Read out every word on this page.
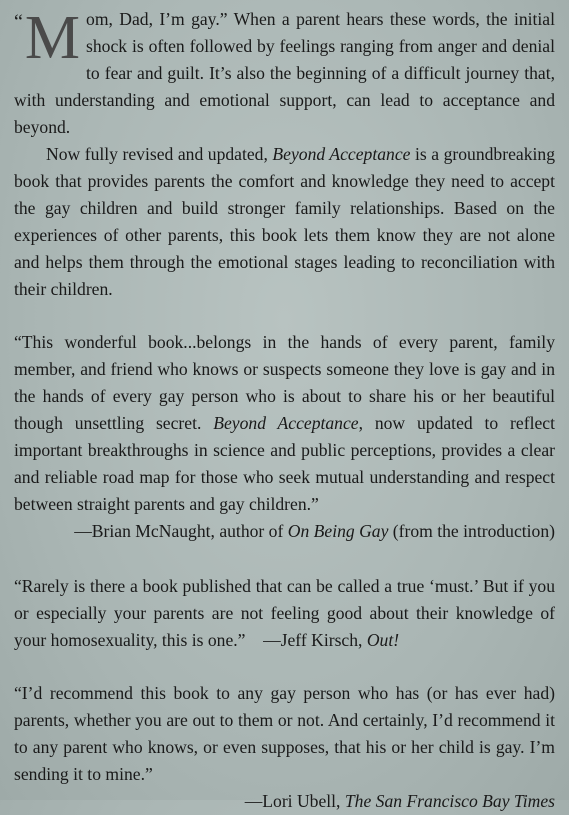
“M om, Dad, I’m gay.” When a parent hears these words, the initial shock is often followed by feelings ranging from anger and denial to fear and guilt. It’s also the beginning of a difficult journey that, with understanding and emotional support, can lead to acceptance and beyond.

Now fully revised and updated, Beyond Acceptance is a groundbreaking book that provides parents the comfort and knowledge they need to accept the gay children and build stronger family relationships. Based on the experiences of other parents, this book lets them know they are not alone and helps them through the emotional stages leading to reconciliation with their children.

“This wonderful book...belongs in the hands of every parent, family member, and friend who knows or suspects someone they love is gay and in the hands of every gay person who is about to share his or her beautiful though unsettling secret. Beyond Acceptance, now updated to reflect important breakthroughs in science and public perceptions, provides a clear and reliable road map for those who seek mutual understanding and respect between straight parents and gay children.”

—Brian McNaught, author of On Being Gay (from the introduction)

“Rarely is there a book published that can be called a true ‘must.’ But if you or especially your parents are not feeling good about their knowledge of your homosexuality, this is one.” —Jeff Kirsch, Out!

“I’d recommend this book to any gay person who has (or has ever had) parents, whether you are out to them or not. And certainly, I’d recommend it to any parent who knows, or even supposes, that his or her child is gay. I’m sending it to mine.”

—Lori Ubell, The San Francisco Bay Times
